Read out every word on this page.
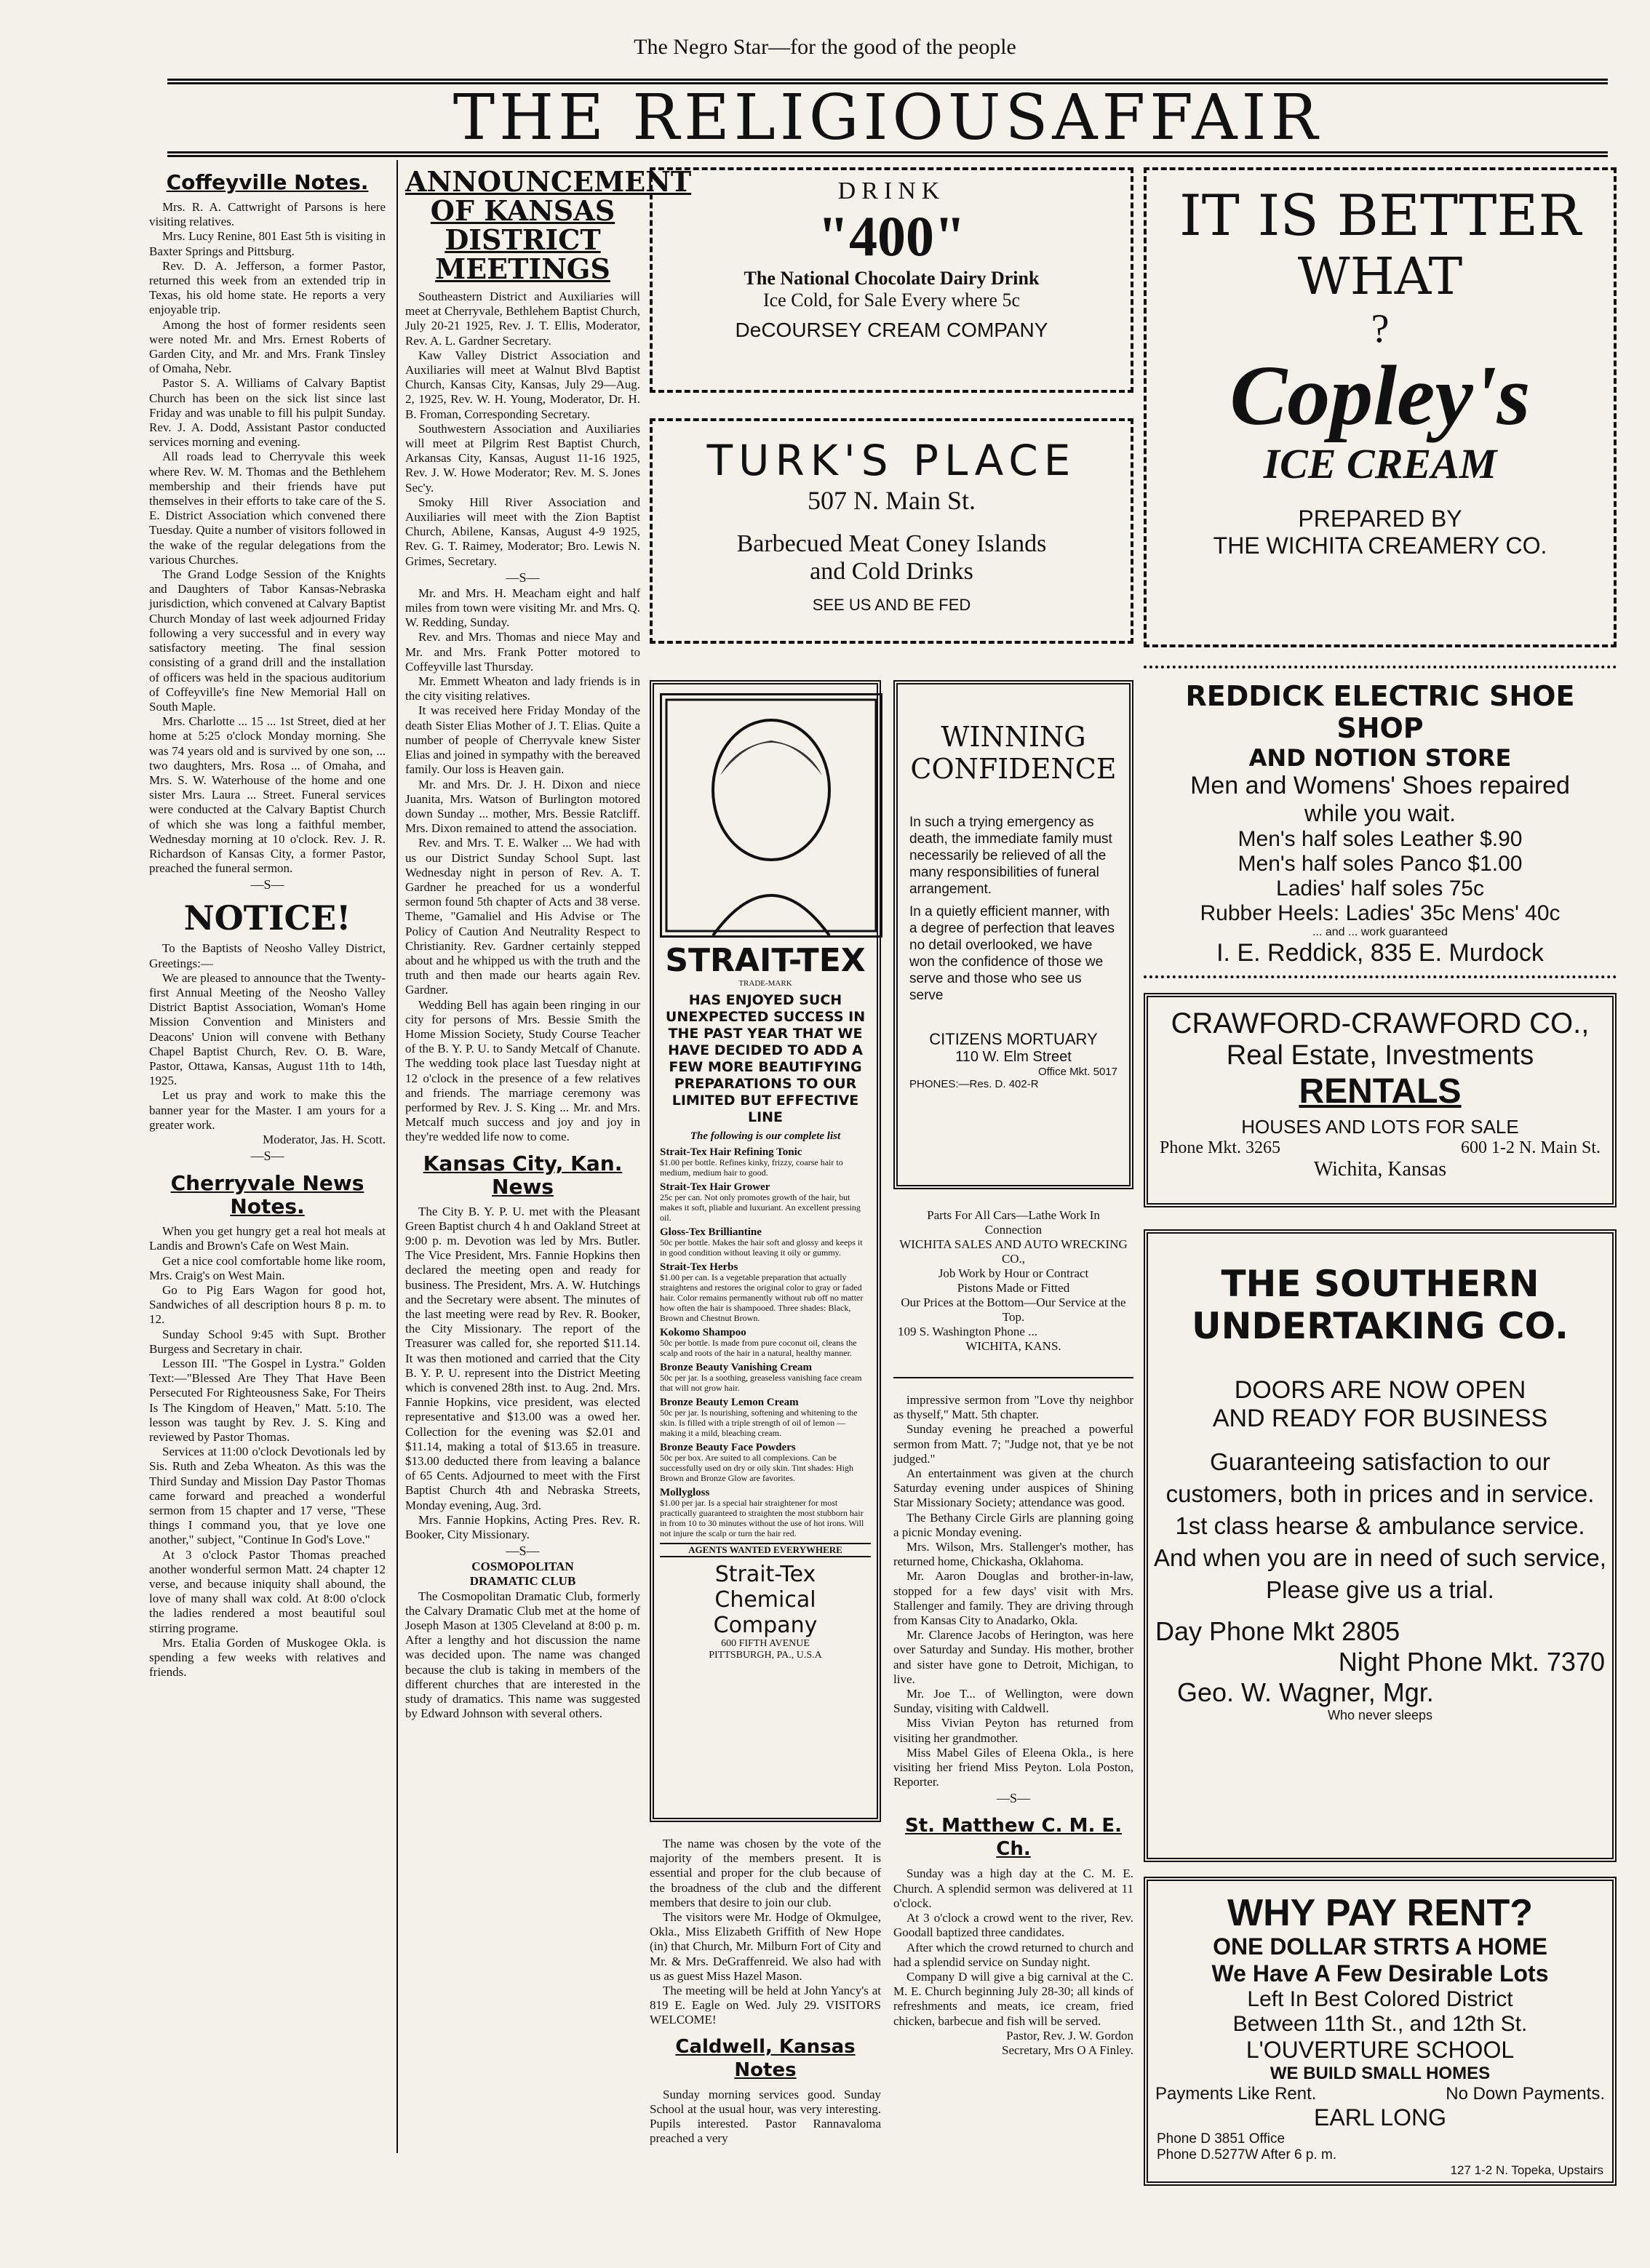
The Negro Star—for the good of the people
THE RELIGIOUSAFFAIR
Coffeyville Notes.

Mrs. R. A. Cattwright of Parsons is here visiting relatives.

Mrs. Lucy Renine, 801 East 5th is visiting in Baxter Springs and Pittsburg.

Rev. D. A. Jefferson, a former Pastor, returned this week from an extended trip in Texas, his old home state. He reports a very enjoyable trip.

Among the host of former residents seen were noted Mr. and Mrs. Ernest Roberts of Garden City, and Mr. and Mrs. Frank Tinsley of Omaha, Nebr.

Pastor S. A. Williams of Calvary Baptist Church has been on the sick list since last Friday and was unable to fill his pulpit Sunday. Rev. J. A. Dodd, Assistant Pastor conducted services morning and evening.

All roads lead to Cherryvale this week where Rev. W. M. Thomas and the Bethlehem membership and their friends have put themselves in their efforts to take care of the S. E. District Association which convened there Tuesday. Quite a number of visitors followed in the wake of the regular delegations from the various Churches.

The Grand Lodge Session of the Knights and Daughters of Tabor Kansas-Nebraska jurisdiction, which convened at Calvary Baptist Church Monday of last week adjourned Friday following a very successful and in every way satisfactory meeting. The final session consisting of a grand drill and the installation of officers was held in the spacious auditorium of Coffeyville's fine New Memorial Hall on South Maple.

Mrs. Charlotte ... 15 ... 1st Street, died at her home at 5:25 o'clock Monday morning. She was 74 years old and is survived by one son, ... two daughters, Mrs. Rosa ... of Omaha, and Mrs. S. W. Waterhouse of the home and one sister Mrs. Laura ... Street. Funeral services were conducted at the Calvary Baptist Church of which she was long a faithful member, Wednesday morning at 10 o'clock. Rev. J. R. Richardson of Kansas City, a former Pastor, preached the funeral sermon.

—S—
NOTICE!

To the Baptists of Neosho Valley District, Greetings:—

We are pleased to announce that the Twenty-first Annual Meeting of the Neosho Valley District Baptist Association, Woman's Home Mission Convention and Ministers and Deacons' Union will convene with Bethany Chapel Baptist Church, Rev. O. B. Ware, Pastor, Ottawa, Kansas, August 11th to 14th, 1925.

Let us pray and work to make this the banner year for the Master. I am yours for a greater work.

Moderator, Jas. H. Scott.

—S—
Cherryvale News Notes.

When you get hungry get a real hot meals at Landis and Brown's Cafe on West Main.

Get a nice cool comfortable home like room, Mrs. Craig's on West Main.

Go to Pig Ears Wagon for good hot, Sandwiches of all description hours 8 p. m. to 12.

Sunday School 9:45 with Supt. Brother Burgess and Secretary in chair.

Lesson III. "The Gospel in Lystra." Golden Text:—"Blessed Are They That Have Been Persecuted For Righteousness Sake, For Theirs Is The Kingdom of Heaven," Matt. 5:10. The lesson was taught by Rev. J. S. King and reviewed by Pastor Thomas.

Services at 11:00 o'clock Devotionals led by Sis. Ruth and Zeba Wheaton. As this was the Third Sunday and Mission Day Pastor Thomas came forward and preached a wonderful sermon from 15 chapter and 17 verse, "These things I command you, that ye love one another," subject, "Continue In God's Love."

At 3 o'clock Pastor Thomas preached another wonderful sermon Matt. 24 chapter 12 verse, and because iniquity shall abound, the love of many shall wax cold. At 8:00 o'clock the ladies rendered a most beautiful soul stirring programe.

Mrs. Etalia Gorden of Muskogee Okla. is spending a few weeks with relatives and friends.

ANNOUNCEMENT OF KANSAS DISTRICT MEETINGS

Southeastern District and Auxiliaries will meet at Cherryvale, Bethlehem Baptist Church, July 20-21 1925, Rev. J. T. Ellis, Moderator, Rev. A. L. Gardner Secretary.

Kaw Valley District Association and Auxiliaries will meet at Walnut Blvd Baptist Church, Kansas City, Kansas, July 29—Aug. 2, 1925, Rev. W. H. Young, Moderator, Dr. H. B. Froman, Corresponding Secretary.

Southwestern Association and Auxiliaries will meet at Pilgrim Rest Baptist Church, Arkansas City, Kansas, August 11-16 1925, Rev. J. W. Howe Moderator; Rev. M. S. Jones Sec'y.

Smoky Hill River Association and Auxiliaries will meet with the Zion Baptist Church, Abilene, Kansas, August 4-9 1925, Rev. G. T. Raimey, Moderator; Bro. Lewis N. Grimes, Secretary.

—S—

Mr. and Mrs. H. Meacham eight and half miles from town were visiting Mr. and Mrs. Q. W. Redding, Sunday.

Rev. and Mrs. Thomas and niece May and Mr. and Mrs. Frank Potter motored to Coffeyville last Thursday.

Mr. Emmett Wheaton and lady friends is in the city visiting relatives.

It was received here Friday Monday of the death Sister Elias Mother of J. T. Elias. Quite a number of people of Cherryvale knew Sister Elias and joined in sympathy with the bereaved family. Our loss is Heaven gain.

Mr. and Mrs. Dr. J. H. Dixon and niece Juanita, Mrs. Watson of Burlington motored down Sunday ... mother, Mrs. Bessie Ratcliff. Mrs. Dixon remained to attend the association.

Rev. and Mrs. T. E. Walker ... We had with us our District Sunday School Supt. last Wednesday night in person of Rev. A. T. Gardner he preached for us a wonderful sermon found 5th chapter of Acts and 38 verse. Theme, "Gamaliel and His Advise or The Policy of Caution And Neutrality Respect to Christianity. Rev. Gardner certainly stepped about and he whipped us with the truth and the truth and then made our hearts again Rev. Gardner.

Wedding Bell has again been ringing in our city for persons of Mrs. Bessie Smith the Home Mission Society, Study Course Teacher of the B. Y. P. U. to Sandy Metcalf of Chanute. The wedding took place last Tuesday night at 12 o'clock in the presence of a few relatives and friends. The marriage ceremony was performed by Rev. J. S. King ... Mr. and Mrs. Metcalf much success and joy and joy in they're wedded life now to come.

Kansas City, Kan. News

The City B. Y. P. U. met with the Pleasant Green Baptist church 4 h and Oakland Street at 9:00 p. m. Devotion was led by Mrs. Butler. The Vice President, Mrs. Fannie Hopkins then declared the meeting open and ready for business. The President, Mrs. A. W. Hutchings and the Secretary were absent. The minutes of the last meeting were read by Rev. R. Booker, the City Missionary. The report of the Treasurer was called for, she reported $11.14. It was then motioned and carried that the City B. Y. P. U. represent into the District Meeting which is convened 28th inst. to Aug. 2nd. Mrs. Fannie Hopkins, vice president, was elected representative and $13.00 was a owed her. Collection for the evening was $2.01 and $11.14, making a total of $13.65 in treasure. $13.00 deducted there from leaving a balance of 65 Cents. Adjourned to meet with the First Baptist Church 4th and Nebraska Streets, Monday evening, Aug. 3rd.

Mrs. Fannie Hopkins, Acting Pres. Rev. R. Booker, City Missionary.

—S—

COSMOPOLITAN

DRAMATIC CLUB

The Cosmopolitan Dramatic Club, formerly the Calvary Dramatic Club met at the home of Joseph Mason at 1305 Cleveland at 8:00 p. m. After a lengthy and hot discussion the name was decided upon. The name was changed because the club is taking in members of the different churches that are interested in the study of dramatics. This name was suggested by Edward Johnson with several others.

DRINK

"400"

The National Chocolate Dairy Drink

Ice Cold, for Sale Every where 5c

DeCOURSEY CREAM COMPANY

TURK'S PLACE

507 N. Main St.

Barbecued Meat Coney Islands

and Cold Drinks

SEE US AND BE FED

IT IS BETTER

WHAT

?

Copley's

ICE CREAM

PREPARED BY

THE WICHITA CREAMERY CO.

REDDICK ELECTRIC SHOE SHOP

AND NOTION STORE

Men and Womens' Shoes repaired

while you wait.

Men's half soles Leather $.90

Men's half soles Panco $1.00

Ladies' half soles 75c

Rubber Heels: Ladies' 35c Mens' 40c

... and ... work guaranteed

I. E. Reddick, 835 E. Murdock

CRAWFORD-CRAWFORD CO.,

Real Estate, Investments

RENTALS

HOUSES AND LOTS FOR SALE

Phone Mkt. 3265	600 1-2 N. Main St.

Wichita, Kansas

STRAIT-TEX

TRADE-MARK

HAS ENJOYED SUCH UNEXPECTED SUCCESS IN THE PAST YEAR THAT WE HAVE DECIDED TO ADD A FEW MORE BEAUTIFYING PREPARATIONS TO OUR LIMITED BUT EFFECTIVE LINE

The following is our complete list

Strait-Tex Hair Refining Tonic
$1.00 per bottle. Refines kinky, frizzy, coarse hair to medium, medium hair to good.
Strait-Tex Hair Grower
25c per can. Not only promotes growth of the hair, but makes it soft, pliable and luxuriant. An excellent pressing oil.
Gloss-Tex Brilliantine
50c per bottle. Makes the hair soft and glossy and keeps it in good condition without leaving it oily or gummy.
Strait-Tex Herbs
$1.00 per can. Is a vegetable preparation that actually straightens and restores the original color to gray or faded hair. Color remains permanently without rub off no matter how often the hair is shampooed. Three shades: Black, Brown and Chestnut Brown.
Kokomo Shampoo
50c per bottle. Is made from pure coconut oil, cleans the scalp and roots of the hair in a natural, healthy manner.
Bronze Beauty Vanishing Cream
50c per jar. Is a soothing, greaseless vanishing face cream that will not grow hair.
Bronze Beauty Lemon Cream
50c per jar. Is nourishing, softening and whitening to the skin. Is filled with a triple strength of oil of lemon — making it a mild, bleaching cream.
Bronze Beauty Face Powders
50c per box. Are suited to all complexions. Can be successfully used on dry or oily skin. Tint shades: High Brown and Bronze Glow are favorites.
Mollygloss
$1.00 per jar. Is a special hair straightener for most practically guaranteed to straighten the most stubborn hair in from 10 to 30 minutes without the use of hot irons. Will not injure the scalp or turn the hair red.

AGENTS WANTED EVERYWHERE

Strait-Tex

Chemical Company

600 FIFTH AVENUE

PITTSBURGH, PA., U.S.A

WINNING

CONFIDENCE

In such a trying emergency as death, the immediate family must necessarily be relieved of all the many responsibilities of funeral arrangement.

In a quietly efficient manner, with a degree of perfection that leaves no detail overlooked, we have won the confidence of those we serve and those who see us serve

CITIZENS MORTUARY

110 W. Elm Street

Office Mkt. 5017

PHONES:—Res. D. 402-R

Parts For All Cars—Lathe Work In Connection

WICHITA SALES AND AUTO WRECKING CO.,

Job Work by Hour or Contract

Pistons Made or Fitted

Our Prices at the Bottom—Our Service at the Top.

109 S. Washington Phone ...

WICHITA, KANS.

THE SOUTHERN

UNDERTAKING CO.

DOORS ARE NOW OPEN

AND READY FOR BUSINESS

Guaranteeing satisfaction to our customers, both in prices and in service.

1st class hearse & ambulance service.

And when you are in need of such service, Please give us a trial.

Day Phone Mkt 2805

Night Phone Mkt. 7370

Geo. W. Wagner, Mgr.

Who never sleeps

WHY PAY RENT?

ONE DOLLAR STRTS A HOME

We Have A Few Desirable Lots

Left In Best Colored District

Between 11th St., and 12th St.

L'OUVERTURE SCHOOL

WE BUILD SMALL HOMES

Payments Like Rent.	No Down Payments.

EARL LONG

Phone D 3851 Office

Phone D.5277W After 6 p. m.

127 1-2 N. Topeka, Upstairs

The name was chosen by the vote of the majority of the members present. It is essential and proper for the club because of the broadness of the club and the different members that desire to join our club.

The visitors were Mr. Hodge of Okmulgee, Okla., Miss Elizabeth Griffith of New Hope (in) that Church, Mr. Milburn Fort of City and Mr. & Mrs. DeGraffenreid. We also had with us as guest Miss Hazel Mason.

The meeting will be held at John Yancy's at 819 E. Eagle on Wed. July 29. VISITORS WELCOME!

Caldwell, Kansas Notes

Sunday morning services good. Sunday School at the usual hour, was very interesting. Pupils interested. Pastor Rannavaloma preached a very

impressive sermon from "Love thy neighbor as thyself," Matt. 5th chapter.

Sunday evening he preached a powerful sermon from Matt. 7; "Judge not, that ye be not judged."

An entertainment was given at the church Saturday evening under auspices of Shining Star Missionary Society; attendance was good.

The Bethany Circle Girls are planning going a picnic Monday evening.

Mrs. Wilson, Mrs. Stallenger's mother, has returned home, Chickasha, Oklahoma.

Mr. Aaron Douglas and brother-in-law, stopped for a few days' visit with Mrs. Stallenger and family. They are driving through from Kansas City to Anadarko, Okla.

Mr. Clarence Jacobs of Herington, was here over Saturday and Sunday. His mother, brother and sister have gone to Detroit, Michigan, to live.

Mr. Joe T... of Wellington, were down Sunday, visiting with Caldwell.

Miss Vivian Peyton has returned from visiting her grandmother.

Miss Mabel Giles of Eleena Okla., is here visiting her friend Miss Peyton. Lola Poston, Reporter.

—S—
St. Matthew C. M. E. Ch.

Sunday was a high day at the C. M. E. Church. A splendid sermon was delivered at 11 o'clock.

At 3 o'clock a crowd went to the river, Rev. Goodall baptized three candidates.

After which the crowd returned to church and had a splendid service on Sunday night.

Company D will give a big carnival at the C. M. E. Church beginning July 28-30; all kinds of refreshments and meats, ice cream, fried chicken, barbecue and fish will be served.

Pastor, Rev. J. W. Gordon

Secretary, Mrs O A Finley.
